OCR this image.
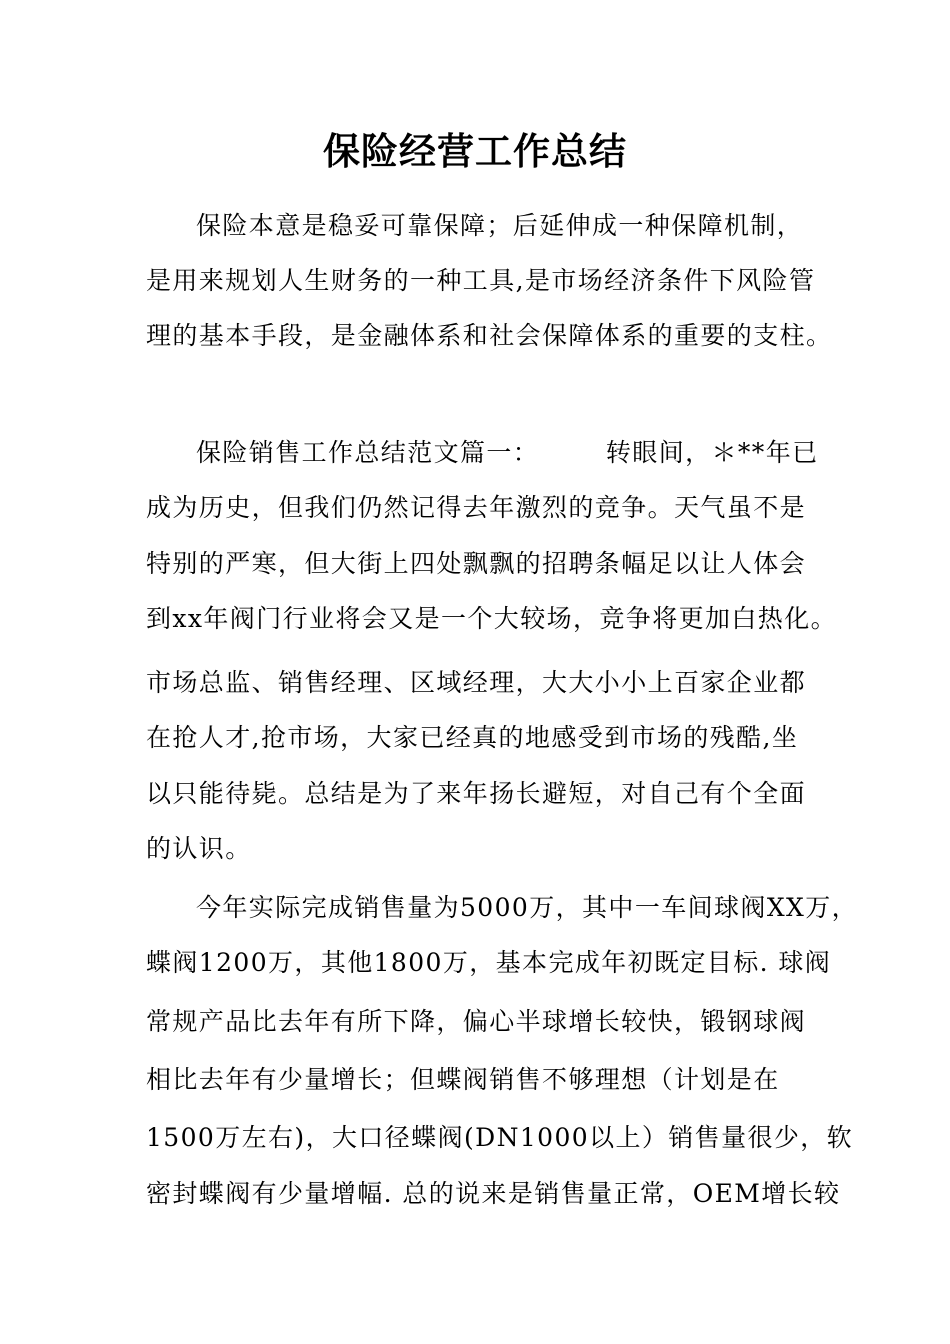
保险经营工作总结
保险本意是稳妥可靠保障；后延伸成一种保障机制，
是用来规划人生财务的一种工具,是市场经济条件下风险管
理的基本手段，是金融体系和社会保障体系的重要的支柱。
保险销售工作总结范文篇一：　　　转眼间，＊**年已
成为历史，但我们仍然记得去年激烈的竞争。天气虽不是
特别的严寒，但大街上四处飘飘的招聘条幅足以让人体会
到xx年阀门行业将会又是一个大较场，竞争将更加白热化。
市场总监、销售经理、区域经理，大大小小上百家企业都
在抢人才,抢市场，大家已经真的地感受到市场的残酷,坐
以只能待毙。总结是为了来年扬长避短，对自己有个全面
的认识。
今年实际完成销售量为5000万，其中一车间球阀XX万，
蝶阀1200万，其他1800万，基本完成年初既定目标. 球阀
常规产品比去年有所下降，偏心半球增长较快，锻钢球阀
相比去年有少量增长；但蝶阀销售不够理想（计划是在
1500万左右)，大口径蝶阀(DN1000以上）销售量很少，软
密封蝶阀有少量增幅. 总的说来是销售量正常，OEM增长较
